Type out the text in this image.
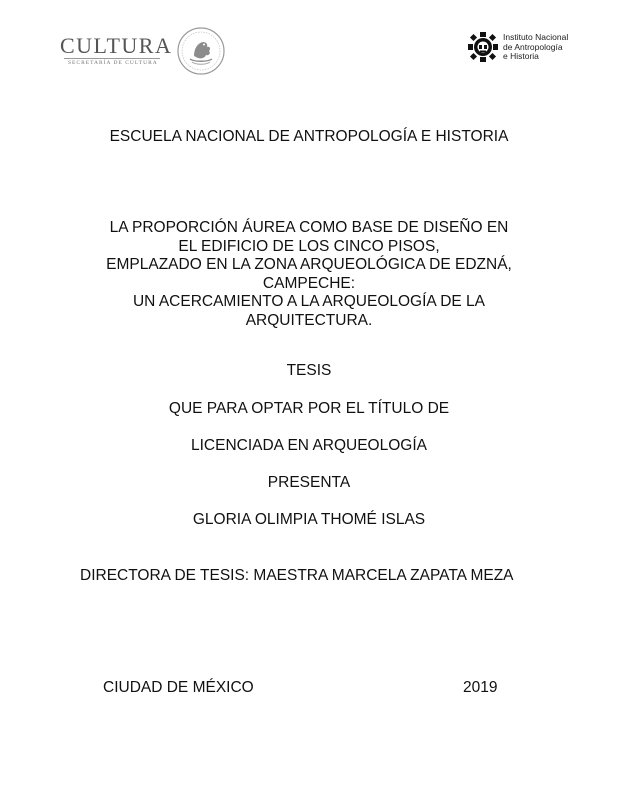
CULTURA
SECRETARÍA DE CULTURA
Instituto Nacional
de Antropología
e Historia
ESCUELA NACIONAL DE ANTROPOLOGÍA E HISTORIA
LA PROPORCIÓN ÁUREA COMO BASE DE DISEÑO EN
EL EDIFICIO DE LOS CINCO PISOS,
EMPLAZADO EN LA ZONA ARQUEOLÓGICA DE EDZNÁ,
CAMPECHE:
UN ACERCAMIENTO A LA ARQUEOLOGÍA DE LA
ARQUITECTURA.
TESIS
QUE PARA OPTAR POR EL TÍTULO DE
LICENCIADA EN ARQUEOLOGÍA
PRESENTA
GLORIA OLIMPIA THOMÉ ISLAS
DIRECTORA DE TESIS: MAESTRA MARCELA ZAPATA MEZA
CIUDAD DE MÉXICO	2019
